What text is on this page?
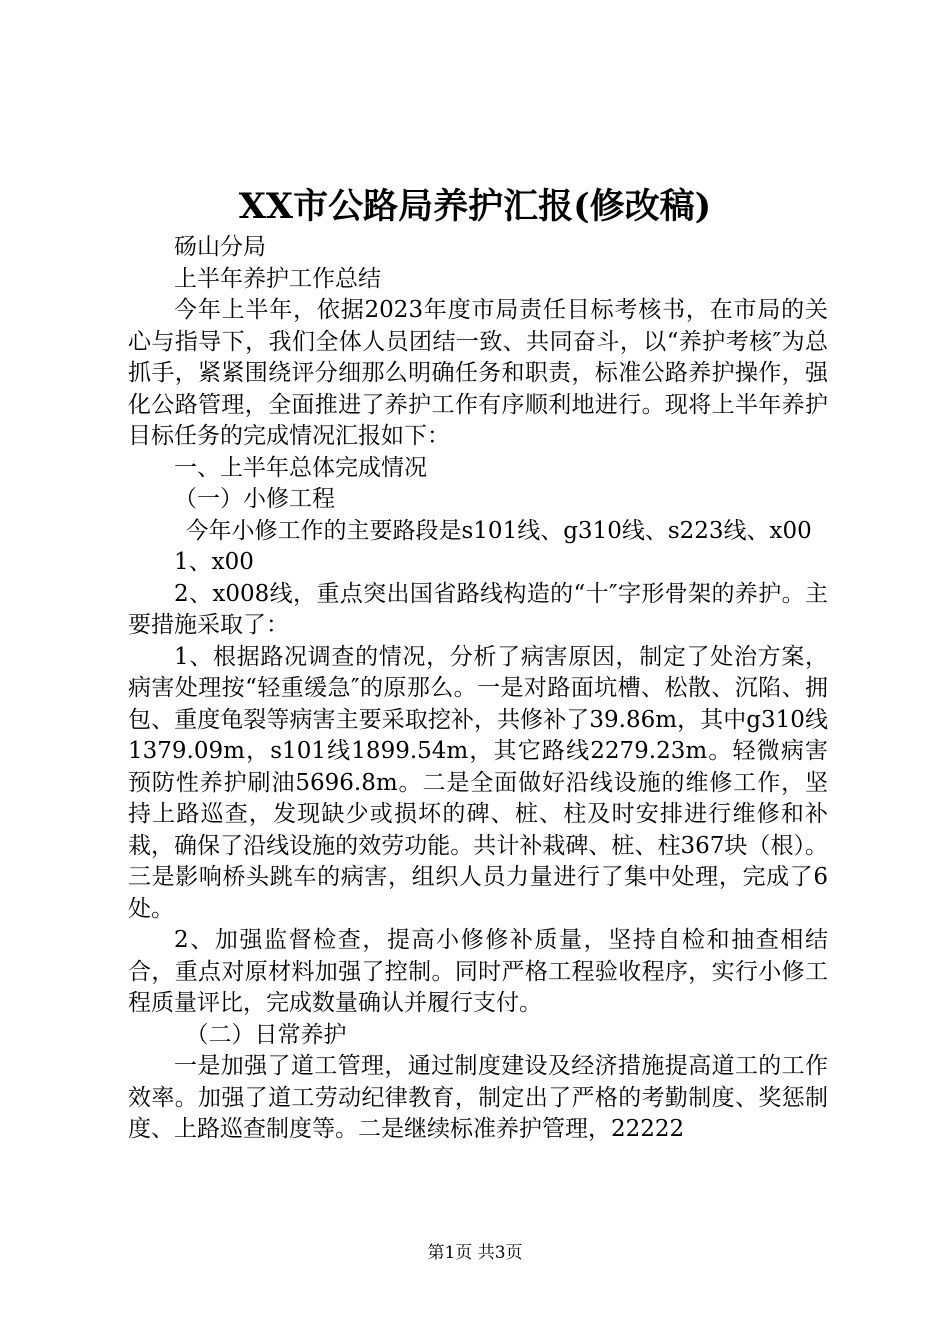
XX市公路局养护汇报(修改稿)

砀山分局

上半年养护工作总结

今年上半年，依据2023年度市局责任目标考核书，在市局的关心与指导下，我们全体人员团结一致、共同奋斗，以“养护考核″为总抓手，紧紧围绕评分细那么明确任务和职责，标准公路养护操作，强化公路管理，全面推进了养护工作有序顺利地进行。现将上半年养护目标任务的完成情况汇报如下：

一、上半年总体完成情况

（一）小修工程

今年小修工作的主要路段是s101线、g310线、s223线、x00

1、x00

2、x008线，重点突出国省路线构造的“十″字形骨架的养护。主要措施采取了：

1、根据路况调查的情况，分析了病害原因，制定了处治方案，病害处理按“轻重缓急″的原那么。一是对路面坑槽、松散、沉陷、拥包、重度龟裂等病害主要采取挖补，共修补了39.86m，其中g310线1379.09m，s101线1899.54m，其它路线2279.23m。轻微病害预防性养护刷油5696.8m。二是全面做好沿线设施的维修工作，坚持上路巡查，发现缺少或损坏的碑、桩、柱及时安排进行维修和补栽，确保了沿线设施的效劳功能。共计补栽碑、桩、柱367块（根）。三是影响桥头跳车的病害，组织人员力量进行了集中处理，完成了6处。

2、加强监督检查，提高小修修补质量，坚持自检和抽查相结合，重点对原材料加强了控制。同时严格工程验收程序，实行小修工程质量评比，完成数量确认并履行支付。

（二）日常养护

一是加强了道工管理，通过制度建设及经济措施提高道工的工作效率。加强了道工劳动纪律教育，制定出了严格的考勤制度、奖惩制度、上路巡查制度等。二是继续标准养护管理，22222

第1页 共3页
